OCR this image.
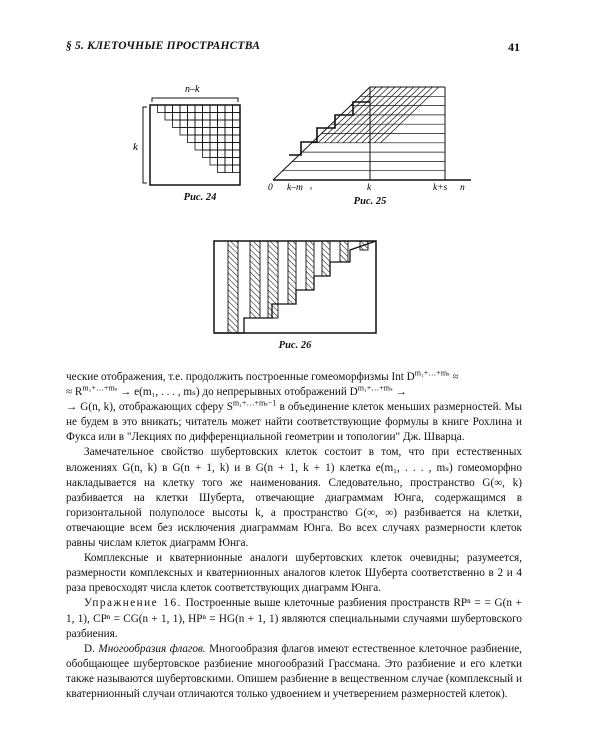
§ 5. КЛЕТОЧНЫЕ ПРОСТРАНСТВА	41
n–k
k
Рис. 24
0 k–m 1	k	k+s n
Рис. 25
Рис. 26

ческие отображения, т.е. продолжить построенные гомеоморфизмы Int $D^{m_1+\dots+m_s}$ ≈
≈ $R^{m_1+\dots+m_s} \to e(m_1$, . . . , mₛ) до непрерывных отображений $D^{m_1+\dots+m_s}$ →
→ G(n, k), отображающих сферу $S^{m_1+\dots+m_s-1}$ в объединение клеток меньших размерностей. Мы не будем в это вникать; читатель может найти соответствующие формулы в книге Рохлина и Фукса или в "Лекциях по дифференциальной геометрии и топологии" Дж. Шварца.

Замечательное свойство шубертовских клеток состоит в том, что при естественных вложениях G(n, k) в G(n + 1, k) и в G(n + 1, k + 1) клетка e(m₁, . . . , mₛ) гомеоморфно накладывается на клетку того же наименования. Следовательно, пространство G(∞, k) разбивается на клетки Шуберта, отвечающие диаграммам Юнга, содержащимся в горизонтальной полуполосе высоты k, а пространство G(∞, ∞) разбивается на клетки, отвечающие всем без исключения диаграммам Юнга. Во всех случаях размерности клеток равны числам клеток диаграмм Юнга.

Комплексные и кватернионные аналоги шубертовских клеток очевидны; разумеется, размерности комплексных и кватернионных аналогов клеток Шуберта соответственно в 2 и 4 раза превосходят числа клеток соответствующих диаграмм Юнга.

Упражнение 16. Построенные выше клеточные разбиения пространств RPⁿ = = G(n + 1, 1), CPⁿ = CG(n + 1, 1), HPⁿ = HG(n + 1, 1) являются специальными случаями шубертовского разбиения.

D. Многообразия флагов. Многообразия флагов имеют естественное клеточное разбиение, обобщающее шубертовское разбиение многообразий Грассмана. Это разбиение и его клетки также называются шубертовскими. Опишем разбиение в вещественном случае (комплексный и кватернионный случаи отличаются только удвоением и учетверением размерностей клеток).
